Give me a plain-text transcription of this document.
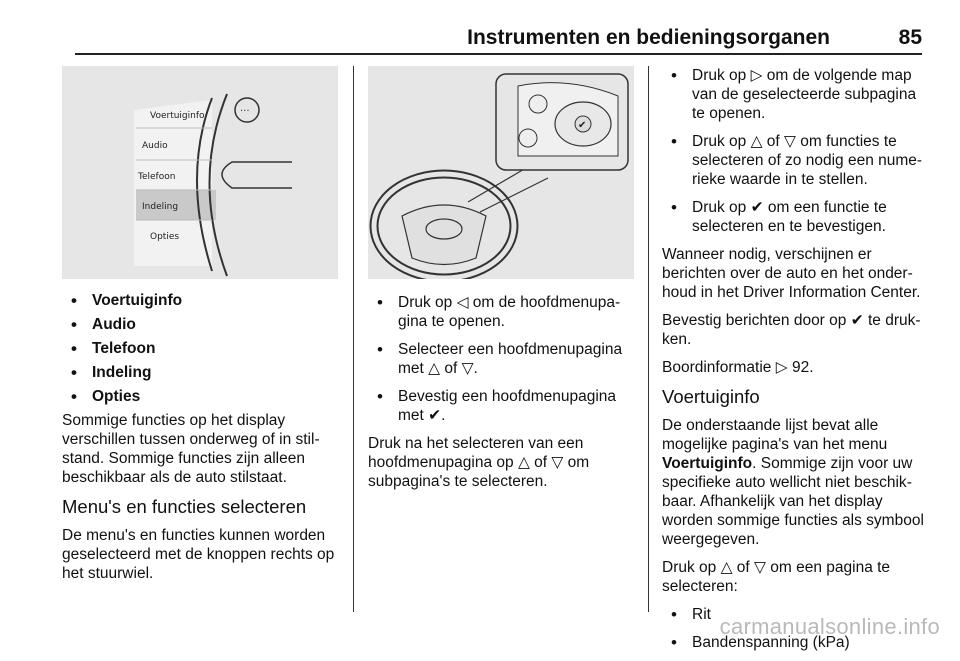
Instrumenten en bedieningsorganen	85
···
Voertuiginfo
Audio
Telefoon
Indeling
Opties
• Voertuiginfo
• Audio
• Telefoon
• Indeling
• Opties

Sommige functies op het display verschillen tussen onderweg of in stilstand. Sommige functies zijn alleen beschikbaar als de auto stilstaat.

Menu's en functies selecteren

De menu's en functies kunnen worden geselecteerd met de knoppen rechts op het stuurwiel.

✔
• Druk op ◁ om de hoofdmenupagina te openen.
• Selecteer een hoofdmenupagina met △ of ▽.
• Bevestig een hoofdmenupagina met ✔.

Druk na het selecteren van een hoofdmenupagina op △ of ▽ om subpagina's te selecteren.

• Druk op ▷ om de volgende map van de geselecteerde subpagina te openen.
• Druk op △ of ▽ om functies te selecteren of zo nodig een numerieke waarde in te stellen.
• Druk op ✔ om een functie te selecteren en te bevestigen.

Wanneer nodig, verschijnen er berichten over de auto en het onderhoud in het Driver Information Center.

Bevestig berichten door op ✔ te drukken.

Boordinformatie ▷ 92.

Voertuiginfo

De onderstaande lijst bevat alle mogelijke pagina's van het menu Voertuiginfo. Sommige zijn voor uw specifieke auto wellicht niet beschikbaar. Afhankelijk van het display worden sommige functies als symbool weergegeven.

Druk op △ of ▽ om een pagina te selecteren:

• Rit
• Bandenspanning (kPa)
carmanualsonline.info
